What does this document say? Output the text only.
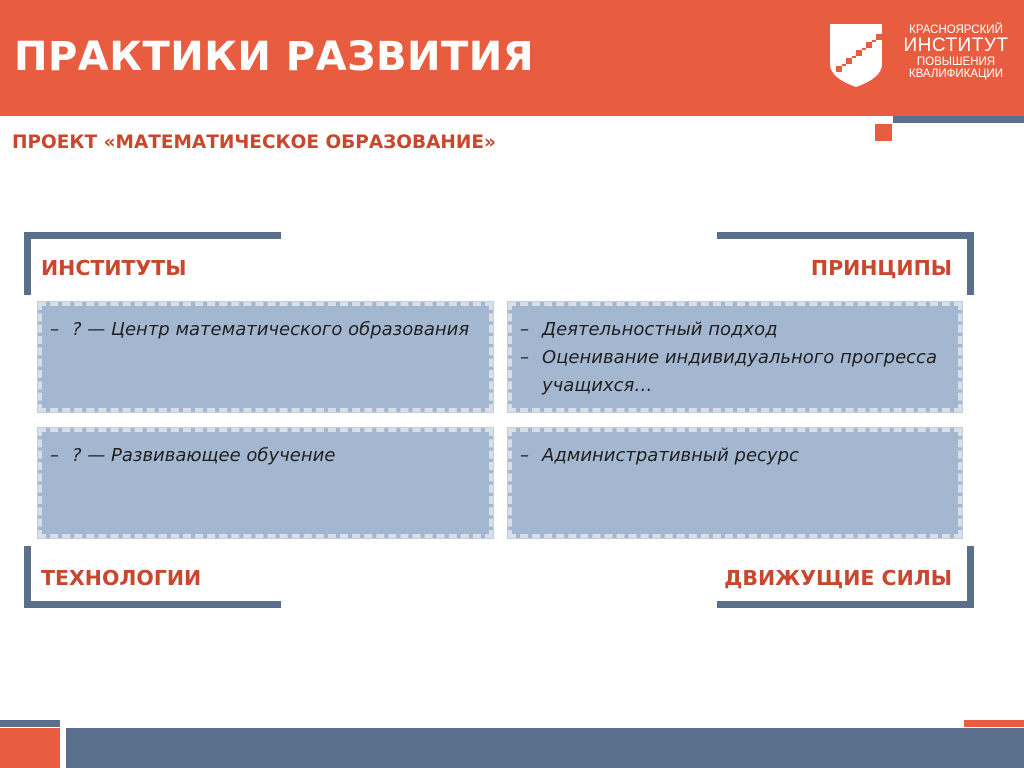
ПРАКТИКИ РАЗВИТИЯ
КРАСНОЯРСКИЙ
ИНСТИТУТ
ПОВЫШЕНИЯ
КВАЛИФИКАЦИИ
ПРОЕКТ «МАТЕМАТИЧЕСКОЕ ОБРАЗОВАНИЕ»
ИНСТИТУТЫ	ПРИНЦИПЫ
– ? — Центр математического образования	– Деятельностный подход
– Оценивание индивидуального прогресса учащихся…
– ? — Развивающее обучение	– Административный ресурс
ТЕХНОЛОГИИ	ДВИЖУЩИЕ СИЛЫ
